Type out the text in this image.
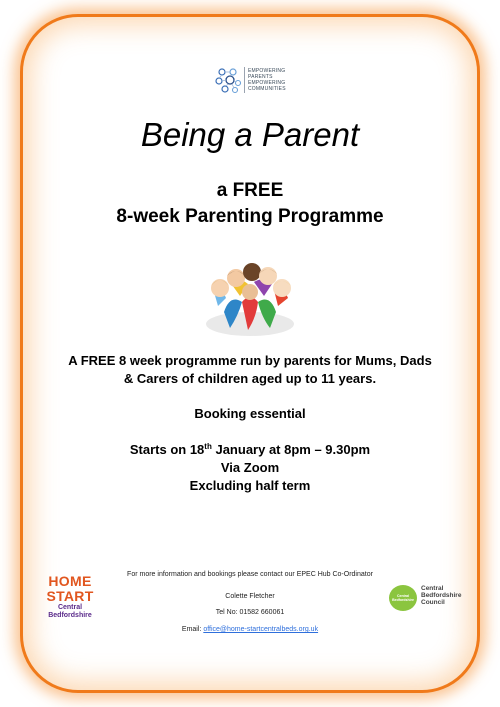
EMPOWERING
PARENTS
EMPOWERING
COMMUNITIES
Being a Parent
a FREE
8-week Parenting Programme
A FREE 8 week programme run by parents for Mums, Dads
& Carers of children aged up to 11 years.
Booking essential
Starts on 18th January at 8pm – 9.30pm
Via Zoom
Excluding half term
For more information and bookings please contact our EPEC Hub Co-Ordinator
Colette Fletcher
Tel No: 01582 660061
Email: office@home-startcentralbeds.org.uk
HOME
START
Central
Bedfordshire
Central Bedfordshire
Central
Bedfordshire
Council
